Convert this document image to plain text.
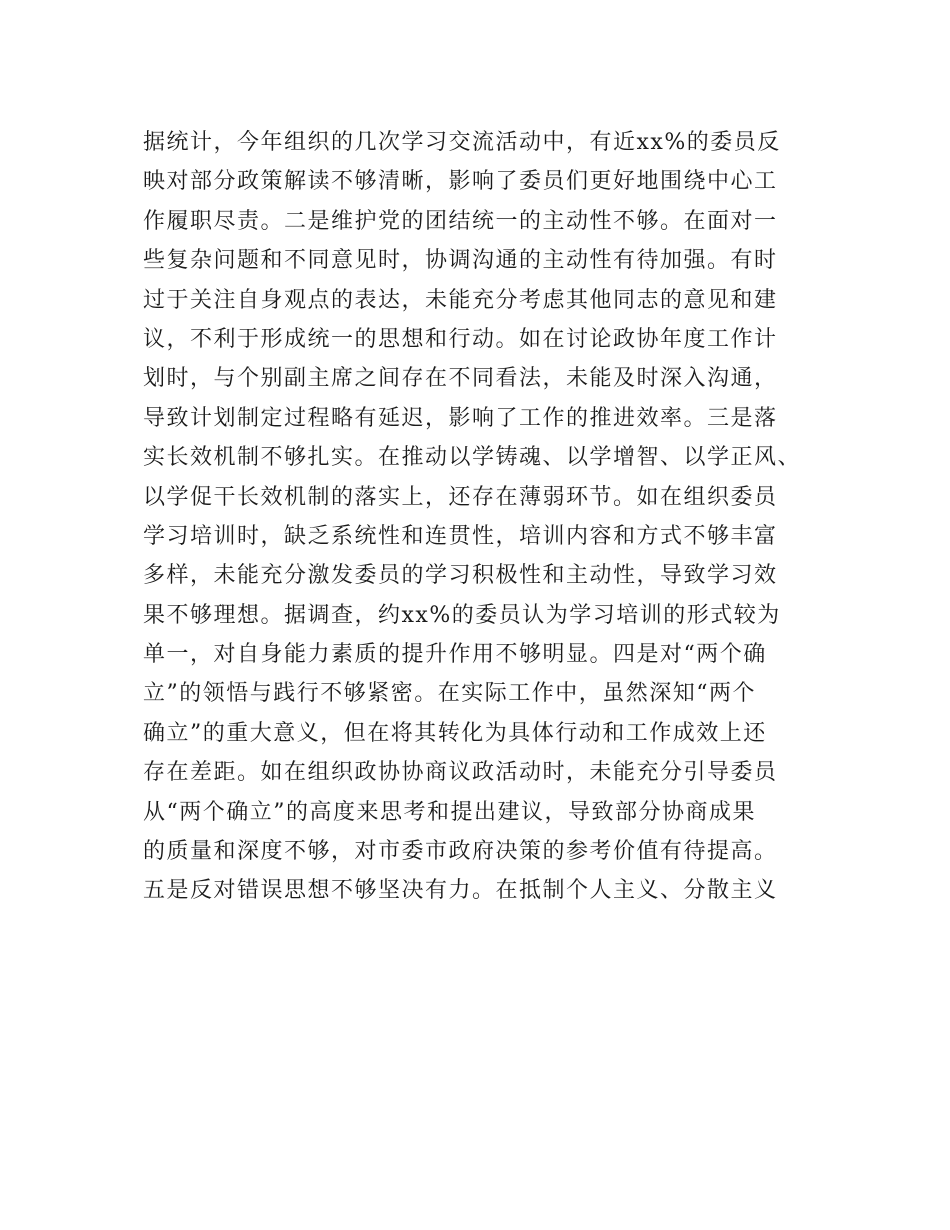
据统计，今年组织的几次学习交流活动中，有近xx%的委员反
映对部分政策解读不够清晰，影响了委员们更好地围绕中心工
作履职尽责。二是维护党的团结统一的主动性不够。在面对一
些复杂问题和不同意见时，协调沟通的主动性有待加强。有时
过于关注自身观点的表达，未能充分考虑其他同志的意见和建
议，不利于形成统一的思想和行动。如在讨论政协年度工作计
划时，与个别副主席之间存在不同看法，未能及时深入沟通，
导致计划制定过程略有延迟，影响了工作的推进效率。三是落
实长效机制不够扎实。在推动以学铸魂、以学增智、以学正风、
以学促干长效机制的落实上，还存在薄弱环节。如在组织委员
学习培训时，缺乏系统性和连贯性，培训内容和方式不够丰富
多样，未能充分激发委员的学习积极性和主动性，导致学习效
果不够理想。据调查，约xx%的委员认为学习培训的形式较为
单一，对自身能力素质的提升作用不够明显。四是对“两个确
立”的领悟与践行不够紧密。在实际工作中，虽然深知“两个
确立”的重大意义，但在将其转化为具体行动和工作成效上还
存在差距。如在组织政协协商议政活动时，未能充分引导委员
从“两个确立”的高度来思考和提出建议，导致部分协商成果
的质量和深度不够，对市委市政府决策的参考价值有待提高。
五是反对错误思想不够坚决有力。在抵制个人主义、分散主义
